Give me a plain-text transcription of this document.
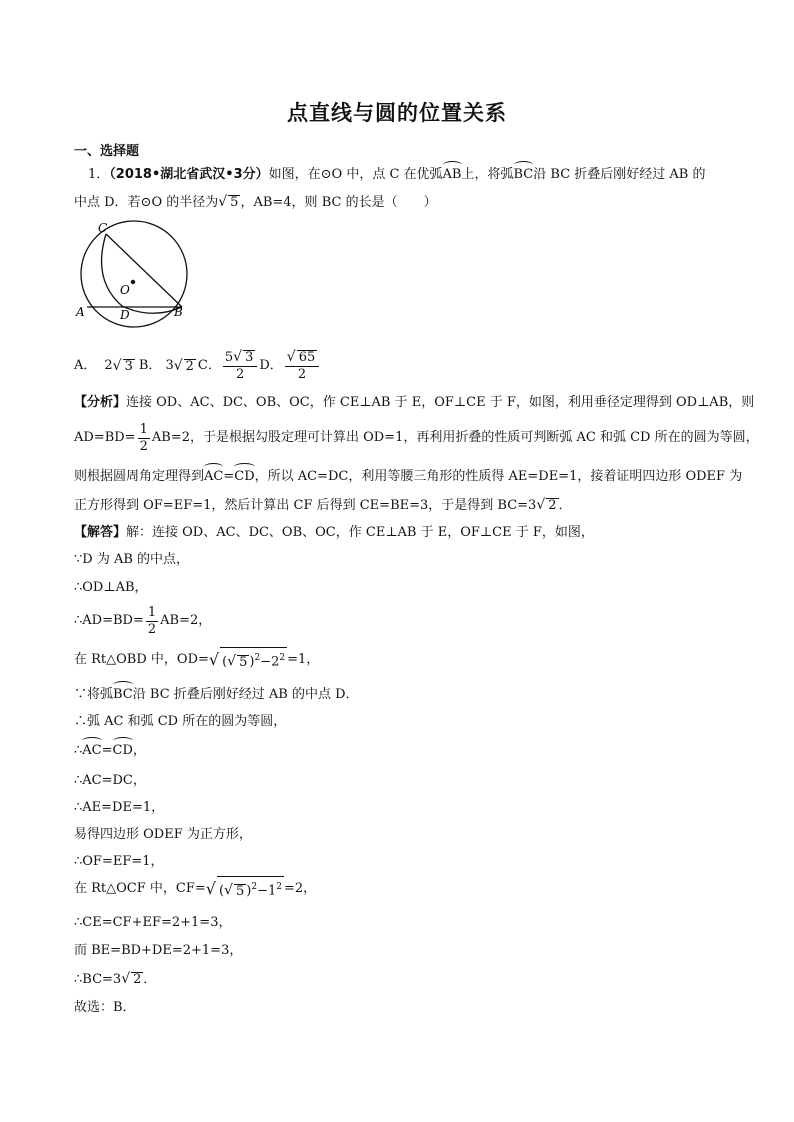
点直线与圆的位置关系
一、选择题
1．（2018•湖北省武汉•3分）如图，在⊙O 中，点 C 在优弧AB上，将弧BC沿 BC 折叠后刚好经过 AB 的
中点 D．若⊙O 的半径为√ 5 ，AB=4，则 BC 的长是（　　）
C
O
A	D	B
A． 2 √ 3 B． 3 √ 2 C． $\frac{5√ 3}{2}$ D． $\frac{√ 65}{2}$
【分析】连接 OD、AC、DC、OB、OC，作 CE⊥AB 于 E，OF⊥CE 于 F，如图，利用垂径定理得到 OD⊥AB，则
$AD=BD= \frac{1}{2} AB=2$，于是根据勾股定理可计算出 OD=1，再利用折叠的性质可判断弧 AC 和弧 CD 所在的圆为等圆，
则根据圆周角定理得到AC=CD，所以 AC=DC，利用等腰三角形的性质得 AE=DE=1，接着证明四边形 ODEF 为
正方形得到 OF=EF=1，然后计算出 CF 后得到 CE=BE=3，于是得到 BC=3√ 2 ．
【解答】解：连接 OD、AC、DC、OB、OC，作 CE⊥AB 于 E，OF⊥CE 于 F，如图，
∵D 为 AB 的中点，
∴OD⊥AB，
∴AD=BD= $\frac{1}{2} AB=2$，
在 Rt△OBD 中，OD= √ (√ 5 )$^2-2^2 =1$，
∵将弧BC沿 BC 折叠后刚好经过 AB 的中点 D．
∴弧 AC 和弧 CD 所在的圆为等圆，
∴AC=CD，
∴AC=DC，
∴AE=DE=1，
易得四边形 ODEF 为正方形，
∴OF=EF=1，
在 Rt△OCF 中，CF= √ (√ 5 )$^2-1^2 =2$，
∴CE=CF+EF=2+1=3，
而 BE=BD+DE=2+1=3，
∴BC=3√ 2 ．
故选：B．
